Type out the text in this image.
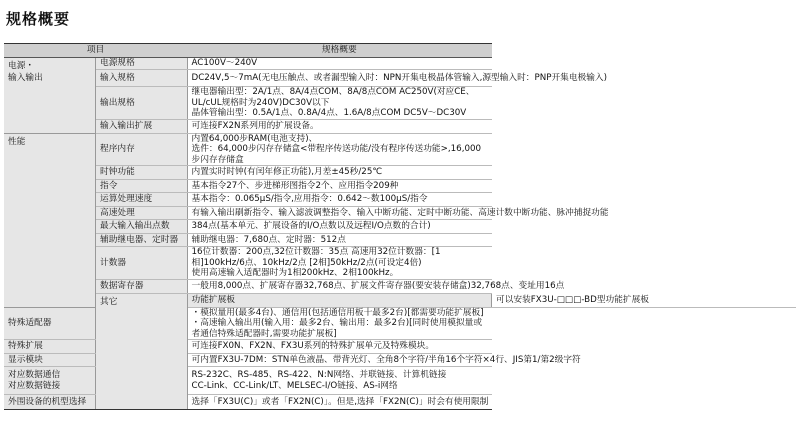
规格概要
项目		规格概要	

电源・
输入输出	电源规格	AC100V～240V	
	输入规格	DC24V,5～7mA(无电压触点、或者漏型输入时：NPN开集电极晶体管输入,源型输入时：PNP开集电极输入)	
	输出规格	继电器输出型：2A/1点、8A/4点COM、8A/8点COM AC250V(对应CE、UL/cUL规格时为240V)DC30V以下
晶体管输出型：0.5A/1点、0.8A/4点、1.6A/8点COM DC5V～DC30V	
	输入输出扩展	可连接FX2N系列用的扩展设备。	
性能	程序内存	内置64,000步RAM(电池支持)、
选件：64,000步闪存存储盒<带程序传送功能/没有程序传送功能>,16,000步闪存存储盒	
	时钟功能	内置实时时钟(有闰年修正功能),月差±45秒/25℃	
	指令	基本指令27个、步进梯形图指令2个、应用指令209种	
	运算处理速度	基本指令：0.065μS/指令,应用指令：0.642～数100μS/指令	
	高速处理	有输入输出刷新指令、输入滤波调整指令、输入中断功能、定时中断功能、高速计数中断功能、脉冲捕捉功能	
	最大输入输出点数	384点(基本单元、扩展设备的I/O点数以及远程I/O点数的合计)	
	辅助继电器、定时器	辅助继电器：7,680点、定时器：512点	
	计数器	16位计数器：200点,32位计数器：35点 高速用32位计数器：[1相]100kHz/6点、10kHz/2点 [2相]50kHz/2点(可设定4倍)
使用高速输入适配器时为1相200kHz、2相100kHz。	
	数据寄存器	一般用8,000点、扩展寄存器32,768点、扩展文件寄存器(要安装存储盒)32,768点、变址用16点	
	其它	功能扩展板	可以安装FX3U-□□□-BD型功能扩展板
特殊适配器		・模拟量用(最多4台)、通信用(包括通信用板十最多2台)[都需要功能扩展板]
・高速输入输出用(输入用：最多2台、输出用：最多2台)[同时使用模拟量或者通信特殊适配器时,需要功能扩展板]	
特殊扩展		可连接FX0N、FX2N、FX3U系列的特殊扩展单元及特殊模块。	
显示模块		可内置FX3U-7DM：STN单色液晶、带背光灯、全角8个字符/半角16个字符×4行、JIS第1/第2级字符	
对应数据通信
对应数据链接		RS-232C、RS-485、RS-422、N:N网络、并联链接、计算机链接
CC-Link、CC-Link/LT、MELSEC-I/O链接、AS-i网络	
外围设备的机型选择		选择「FX3U(C)」或者「FX2N(C)」。但是,选择「FX2N(C)」时会有使用限制	
